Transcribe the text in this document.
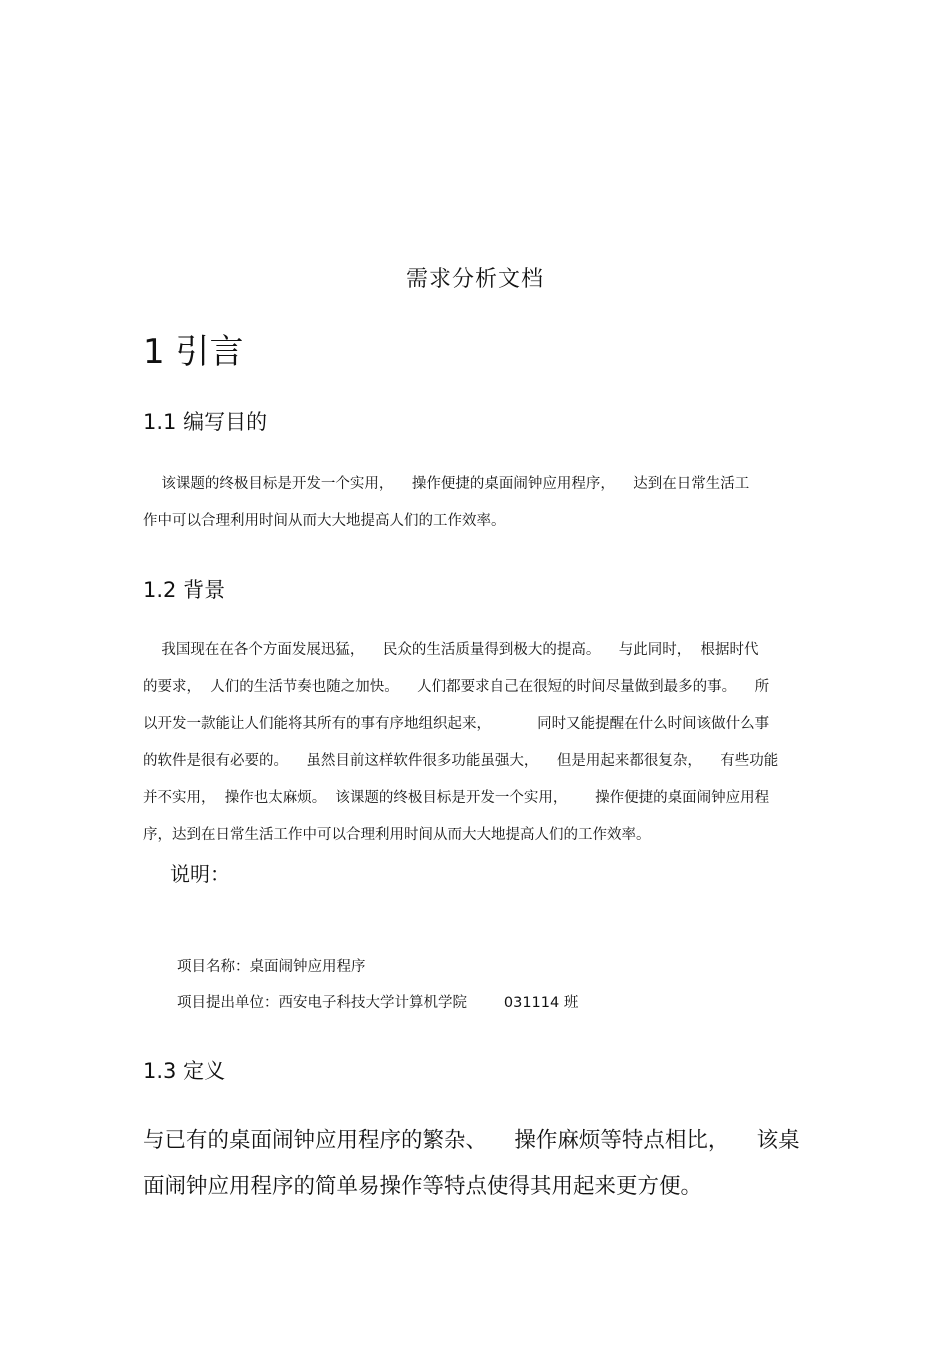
需求分析文档
1 引言
1.1 编写目的
该课题的终极目标是开发一个实用，    操作便捷的桌面闹钟应用程序，    达到在日常生活工
作中可以合理利用时间从而大大地提高人们的工作效率。
1.2 背景
我国现在在各个方面发展迅猛，    民众的生活质量得到极大的提高。    与此同时，  根据时代
的要求，  人们的生活节奏也随之加快。    人们都要求自己在很短的时间尽量做到最多的事。    所
以开发一款能让人们能将其所有的事有序地组织起来，          同时又能提醒在什么时间该做什么事
的软件是很有必要的。    虽然目前这样软件很多功能虽强大，    但是用起来都很复杂，    有些功能
并不实用，  操作也太麻烦。  该课题的终极目标是开发一个实用，      操作便捷的桌面闹钟应用程
序，达到在日常生活工作中可以合理利用时间从而大大地提高人们的工作效率。
说明：
项目名称：桌面闹钟应用程序
项目提出单位：西安电子科技大学计算机学院        031114 班
1.3 定义
与已有的桌面闹钟应用程序的繁杂、    操作麻烦等特点相比，    该桌
面闹钟应用程序的简单易操作等特点使得其用起来更方便。
